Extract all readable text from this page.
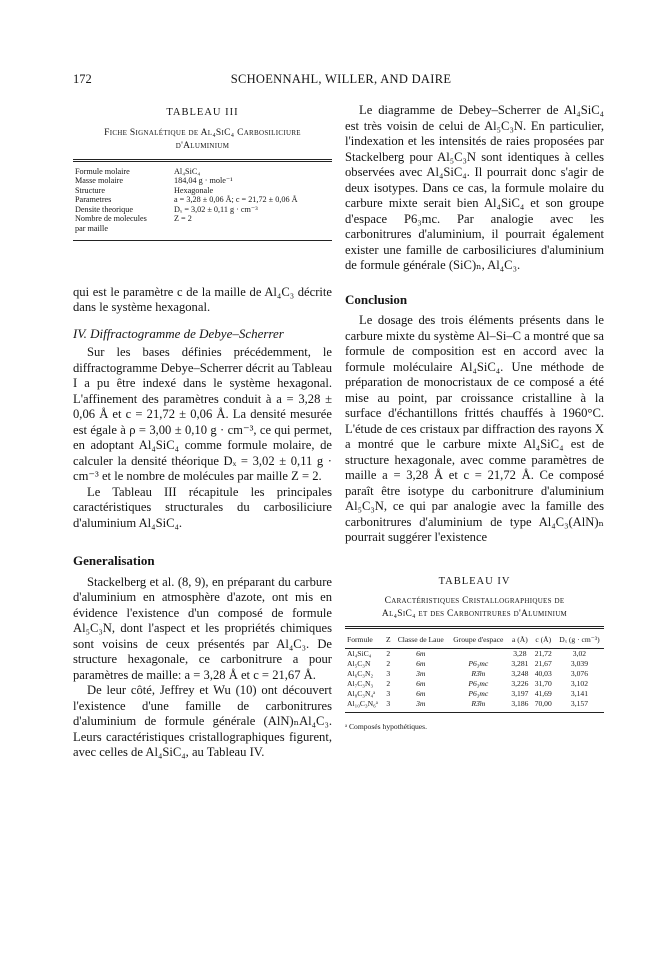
172	SCHOENNAHL, WILLER, AND DAIRE
TABLEAU III
Fiche Signalétique de Al₄SiC₄ Carbosiliciure
d'Aluminium
Formule molaire	Al₄SiC₄
Masse molaire	184,04 g · mole⁻¹
Structure	Hexagonale
Parametres	a = 3,28 ± 0,06 Å; c = 21,72 ± 0,06 Å
Densite theorique	Dₓ = 3,02 ± 0,11 g · cm⁻³
Nombre de molecules	Z = 2
par maille	

qui est le paramètre c de la maille de Al₄C₃ décrite dans le système hexagonal.

IV. Diffractogramme de Debye–Scherrer

Sur les bases définies précédemment, le diffractogramme Debye–Scherrer décrit au Tableau I a pu être indexé dans le système hexagonal. L'affinement des paramètres conduit à a = 3,28 ± 0,06 Å et c = 21,72 ± 0,06 Å. La densité mesurée est égale à ρ = 3,00 ± 0,10 g · cm⁻³, ce qui permet, en adoptant Al₄SiC₄ comme formule molaire, de calculer la densité théorique Dₓ = 3,02 ± 0,11 g · cm⁻³ et le nombre de molécules par maille Z = 2.

Le Tableau III récapitule les principales caractéristiques structurales du carbosiliciure d'aluminium Al₄SiC₄.

Generalisation

Stackelberg et al. (8, 9), en préparant du carbure d'aluminium en atmosphère d'azote, ont mis en évidence l'existence d'un composé de formule Al₅C₃N, dont l'aspect et les propriétés chimiques sont voisins de ceux présentés par Al₄C₃. De structure hexagonale, ce carbonitrure a pour paramètres de maille: a = 3,28 Å et c = 21,67 Å.

De leur côté, Jeffrey et Wu (10) ont découvert l'existence d'une famille de carbonitrures d'aluminium de formule générale (AlN)ₙAl₄C₃. Leurs caractéristiques cristallographiques figurent, avec celles de Al₄SiC₄, au Tableau IV.

Le diagramme de Debey–Scherrer de Al₄SiC₄ est très voisin de celui de Al₅C₃N. En particulier, l'indexation et les intensités de raies proposées par Stackelberg pour Al₅C₃N sont identiques à celles observées avec Al₄SiC₄. Il pourrait donc s'agir de deux isotypes. Dans ce cas, la formule molaire du carbure mixte serait bien Al₄SiC₄ et son groupe d'espace P6₃mc. Par analogie avec les carbonitrures d'aluminium, il pourrait également exister une famille de carbosiliciures d'aluminium de formule générale (SiC)ₙ, Al₄C₃.

Conclusion

Le dosage des trois éléments présents dans le carbure mixte du système Al–Si–C a montré que sa formule de composition est en accord avec la formule moléculaire Al₄SiC₄. Une méthode de préparation de monocristaux de ce composé a été mise au point, par croissance cristalline à la surface d'échantillons frittés chauffés à 1960°C. L'étude de ces cristaux par diffraction des rayons X a montré que le carbure mixte Al₄SiC₄ est de structure hexagonale, avec comme paramètres de maille a = 3,28 Å et c = 21,72 Å. Ce composé paraît être isotype du carbonitrure d'aluminium Al₅C₃N, ce qui par analogie avec la famille des carbonitrures d'aluminium de type Al₄C₃(AlN)ₙ pourrait suggérer l'existence

TABLEAU IV
Caractéristiques Cristallographiques de
Al₄SiC₄ et des Carbonitrures d'Aluminium
Formule	Z	Classe de Laue	Groupe d'espace	a (Å)	c (Å)	Dₓ (g · cm⁻³)
Al₄SiC₄	2	6m		3,28	21,72	3,02
Al₅C₃N	2	6m	P6₃mc	3,281	21,67	3,039
Al₆C₃N₂	3	3m	R3̄m	3,248	40,03	3,076
Al₇C₃N₃	2	6m	P6₃mc	3,226	31,70	3,102
Al₈C₃N₄ᵃ	3	6m	P6₃mc	3,197	41,69	3,141
Al₁₀C₃N₆ᵃ	3	3m	R3̄m	3,186	70,00	3,157
ᵃ Composés hypothétiques.
